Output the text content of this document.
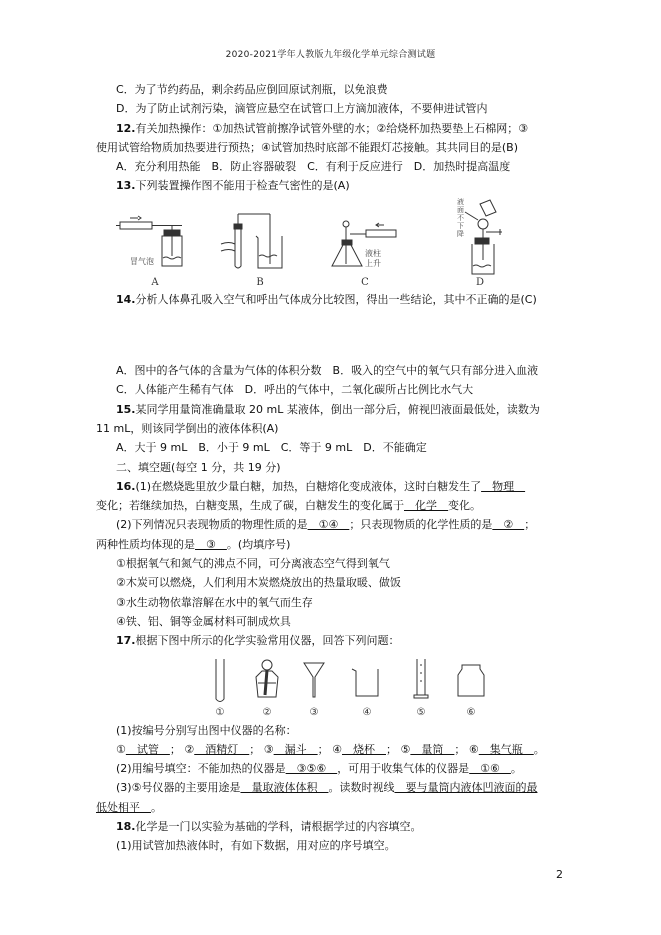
2020-2021学年人教版九年级化学单元综合测试题
C．为了节约药品，剩余药品应倒回原试剂瓶，以免浪费
D．为了防止试剂污染，滴管应悬空在试管口上方滴加液体，不要伸进试管内
12.有关加热操作：①加热试管前擦净试管外壁的水；②给烧杯加热要垫上石棉网；③
使用试管给物质加热要进行预热；④试管加热时底部不能跟灯芯接触。其共同目的是(B)
A．充分利用热能　B．防止容器破裂　C．有利于反应进行　D．加热时提高温度
13.下列装置操作图不能用于检查气密性的是(A)
冒气泡
液柱
上升
液
面
不
下
降
A	B	C	D
14.分析人体鼻孔吸入空气和呼出气体成分比较图，得出一些结论，其中不正确的是(C)
A．图中的各气体的含量为气体的体积分数　B．吸入的空气中的氧气只有部分进入血液
C．人体能产生稀有气体　D．呼出的气体中，二氧化碳所占比例比水气大
15.某同学用量筒准确量取 20 mL 某液体，倒出一部分后，俯视凹液面最低处，读数为
11 mL，则该同学倒出的液体体积(A)
A．大于 9 mL　B．小于 9 mL　C．等于 9 mL　D．不能确定
二、填空题(每空 1 分，共 19 分)
16.(1)在燃烧匙里放少量白糖，加热，白糖熔化变成液体，这时白糖发生了　物理　
变化；若继续加热，白糖变黑，生成了碳，白糖发生的变化属于　化学　变化。
(2)下列情况只表现物质的物理性质的是　①④　；只表现物质的化学性质的是　②　；
两种性质均体现的是　③　。(均填序号)
①根据氧气和氮气的沸点不同，可分离液态空气得到氧气
②木炭可以燃烧，人们利用木炭燃烧放出的热量取暖、做饭
③水生动物依靠溶解在水中的氧气而生存
④铁、铝、铜等金属材料可制成炊具
17.根据下图中所示的化学实验常用仪器，回答下列问题：
①	②	③	④	⑤	⑥
(1)按编号分别写出图中仪器的名称：
①　试管　； ②　酒精灯　； ③　漏斗　； ④　烧杯　； ⑤　量筒　； ⑥　集气瓶　。
(2)用编号填空：不能加热的仪器是　③⑤⑥　，可用于收集气体的仪器是　①⑥　。
(3)⑤号仪器的主要用途是　量取液体体积　。读数时视线　要与量筒内液体凹液面的最
低处相平　。
18.化学是一门以实验为基础的学科，请根据学过的内容填空。
(1)用试管加热液体时，有如下数据，用对应的序号填空。
2
